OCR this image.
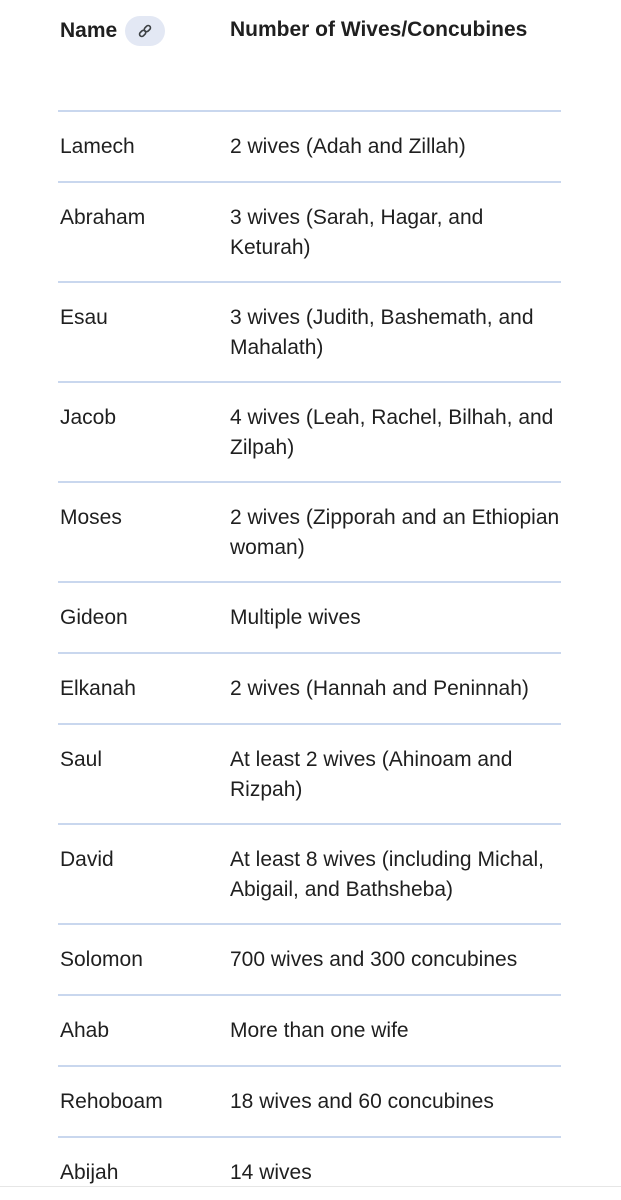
Name	Number of Wives/Concubines
Lamech	2 wives (Adah and Zillah)
Abraham	3 wives (Sarah, Hagar, and Keturah)
Esau	3 wives (Judith, Bashemath, and Mahalath)
Jacob	4 wives (Leah, Rachel, Bilhah, and Zilpah)
Moses	2 wives (Zipporah and an Ethiopian woman)
Gideon	Multiple wives
Elkanah	2 wives (Hannah and Peninnah)
Saul	At least 2 wives (Ahinoam and Rizpah)
David	At least 8 wives (including Michal, Abigail, and Bathsheba)
Solomon	700 wives and 300 concubines
Ahab	More than one wife
Rehoboam	18 wives and 60 concubines
Abijah	14 wives
